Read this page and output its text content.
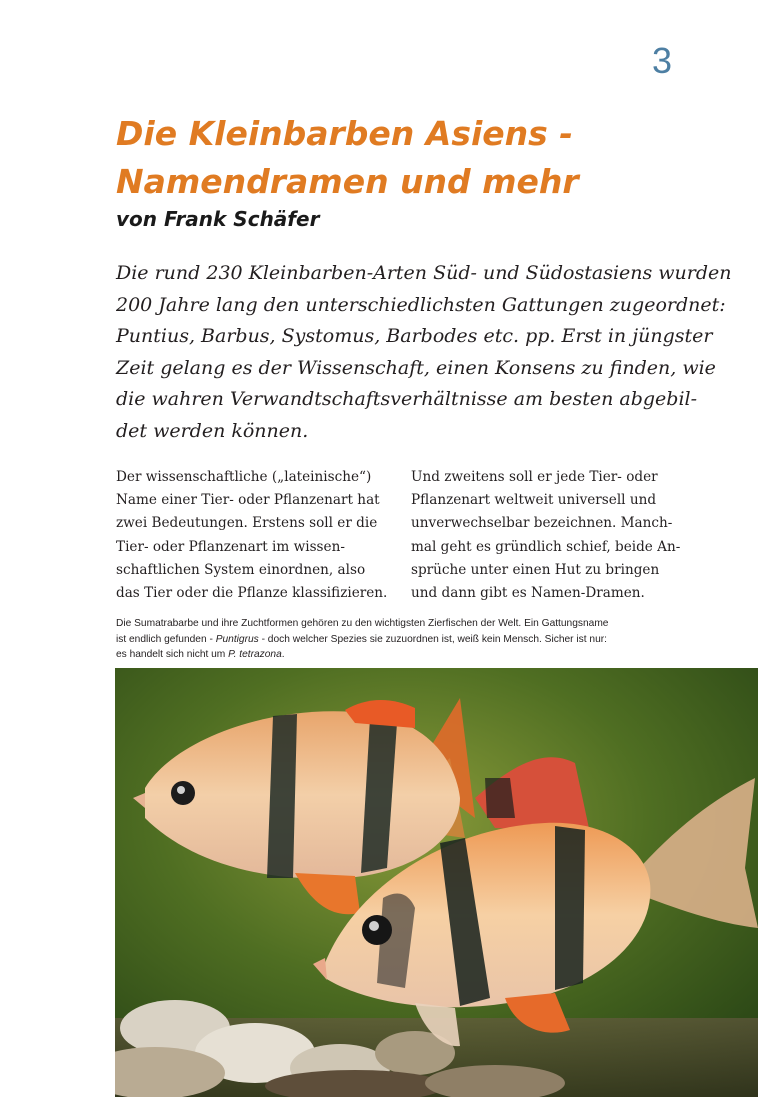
3
Die Kleinbarben Asiens -
Namendramen und mehr
von Frank Schäfer
Die rund 230 Kleinbarben-Arten Süd- und Südostasiens wurden
200 Jahre lang den unterschiedlichsten Gattungen zugeordnet:
Puntius, Barbus, Systomus, Barbodes etc. pp. Erst in jüngster
Zeit gelang es der Wissenschaft, einen Konsens zu finden, wie
die wahren Verwandtschaftsverhältnisse am besten abgebil-
det werden können.
Der wissenschaftliche („lateinische“)
Name einer Tier- oder Pflanzenart hat
zwei Bedeutungen. Erstens soll er die
Tier- oder Pflanzenart im wissen-
schaftlichen System einordnen, also
das Tier oder die Pflanze klassifizieren.
Und zweitens soll er jede Tier- oder
Pflanzenart weltweit universell und
unverwechselbar bezeichnen. Manch-
mal geht es gründlich schief, beide An-
sprüche unter einen Hut zu bringen
und dann gibt es Namen-Dramen.
Die Sumatrabarbe und ihre Zuchtformen gehören zu den wichtigsten Zierfischen der Welt. Ein Gattungsname
ist endlich gefunden - Puntigrus - doch welcher Spezies sie zuzuordnen ist, weiß kein Mensch. Sicher ist nur:
es handelt sich nicht um P. tetrazona.
